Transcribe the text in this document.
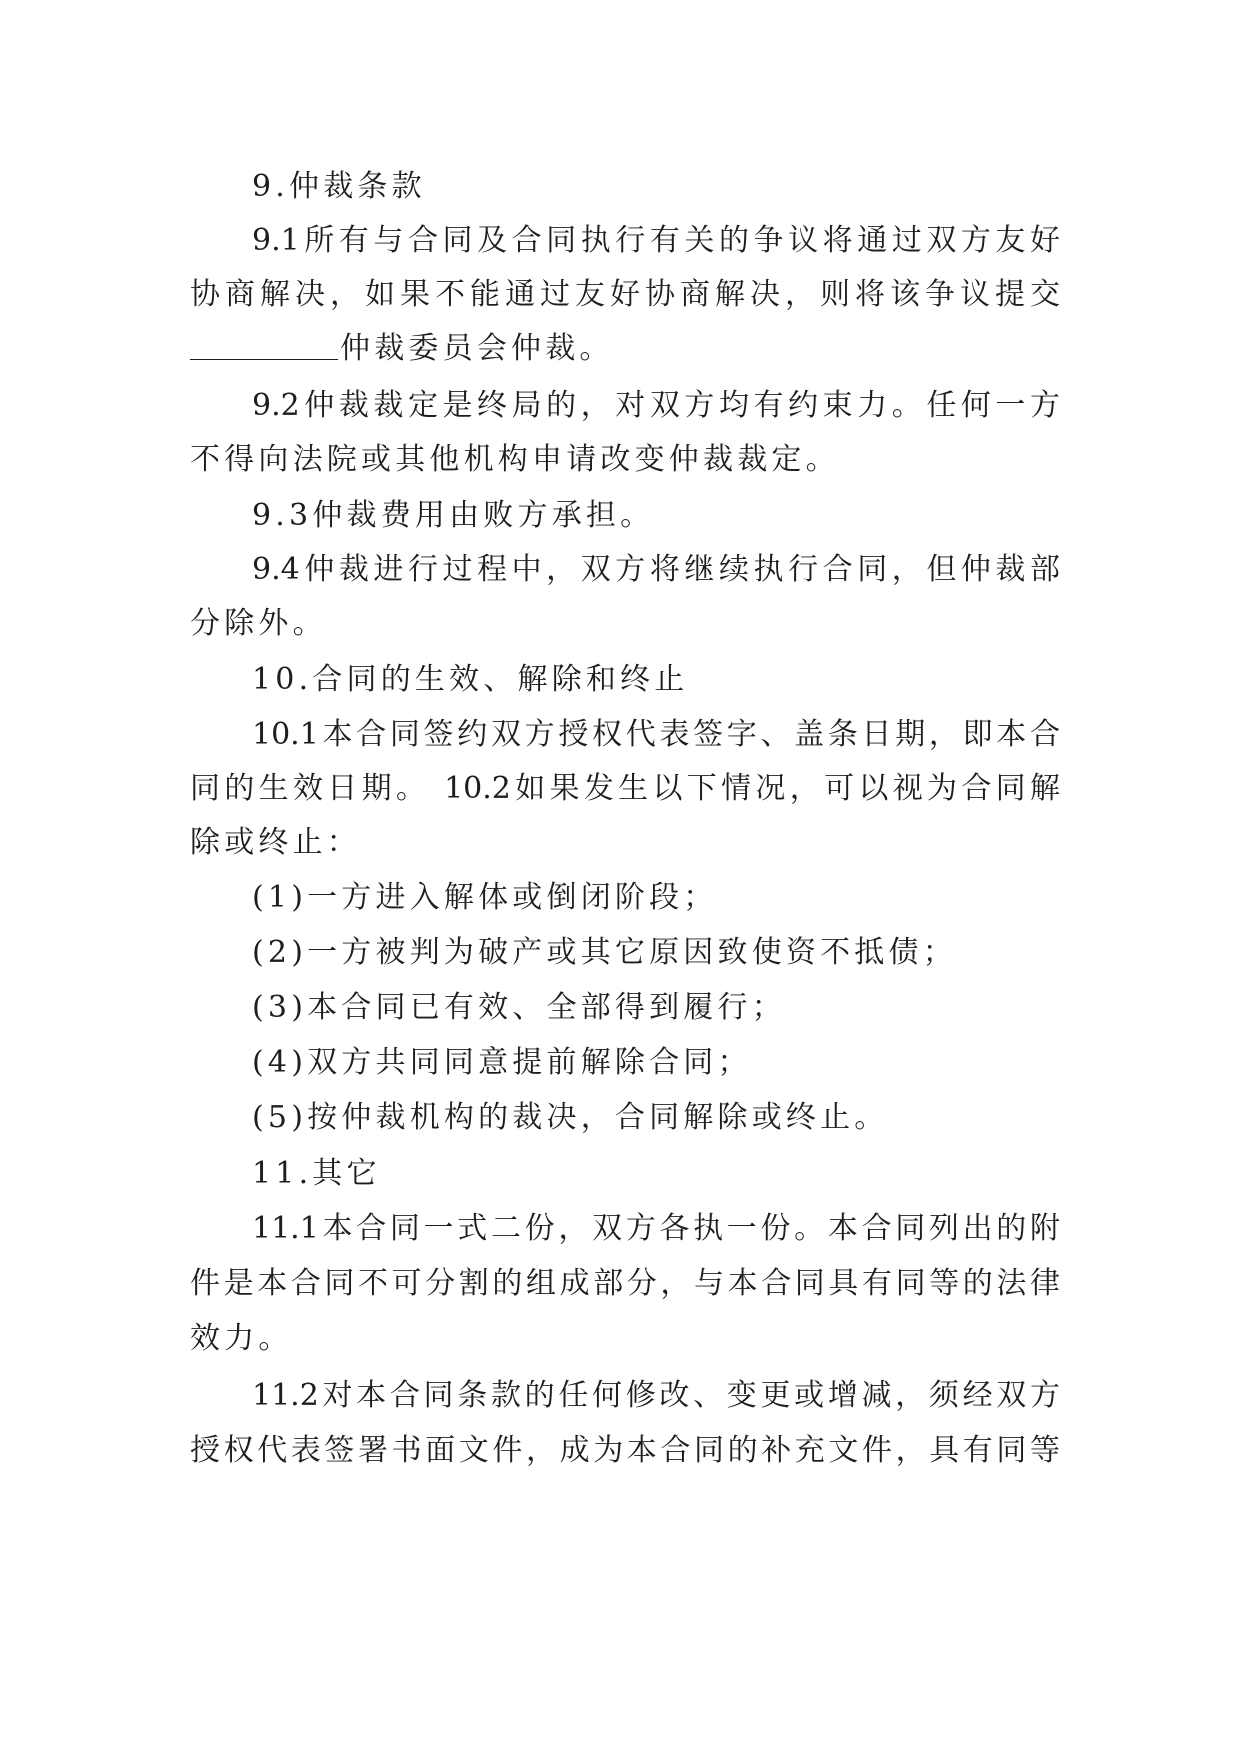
9.仲裁条款
9.1所有与合同及合同执行有关的争议将通过双方友好
协商解决，如果不能通过友好协商解决，则将该争议提交
仲裁委员会仲裁。
9.2仲裁裁定是终局的，对双方均有约束力。任何一方
不得向法院或其他机构申请改变仲裁裁定。
9.3仲裁费用由败方承担。
9.4仲裁进行过程中，双方将继续执行合同，但仲裁部
分除外。
10.合同的生效、解除和终止
10.1本合同签约双方授权代表签字、盖条日期，即本合
同的生效日期。 10.2如果发生以下情况，可以视为合同解
除或终止：
(1)一方进入解体或倒闭阶段；
(2)一方被判为破产或其它原因致使资不抵债；
(3)本合同已有效、全部得到履行；
(4)双方共同同意提前解除合同；
(5)按仲裁机构的裁决，合同解除或终止。
11.其它
11.1本合同一式二份，双方各执一份。本合同列出的附
件是本合同不可分割的组成部分，与本合同具有同等的法律
效力。
11.2对本合同条款的任何修改、变更或增减，须经双方
授权代表签署书面文件，成为本合同的补充文件，具有同等
